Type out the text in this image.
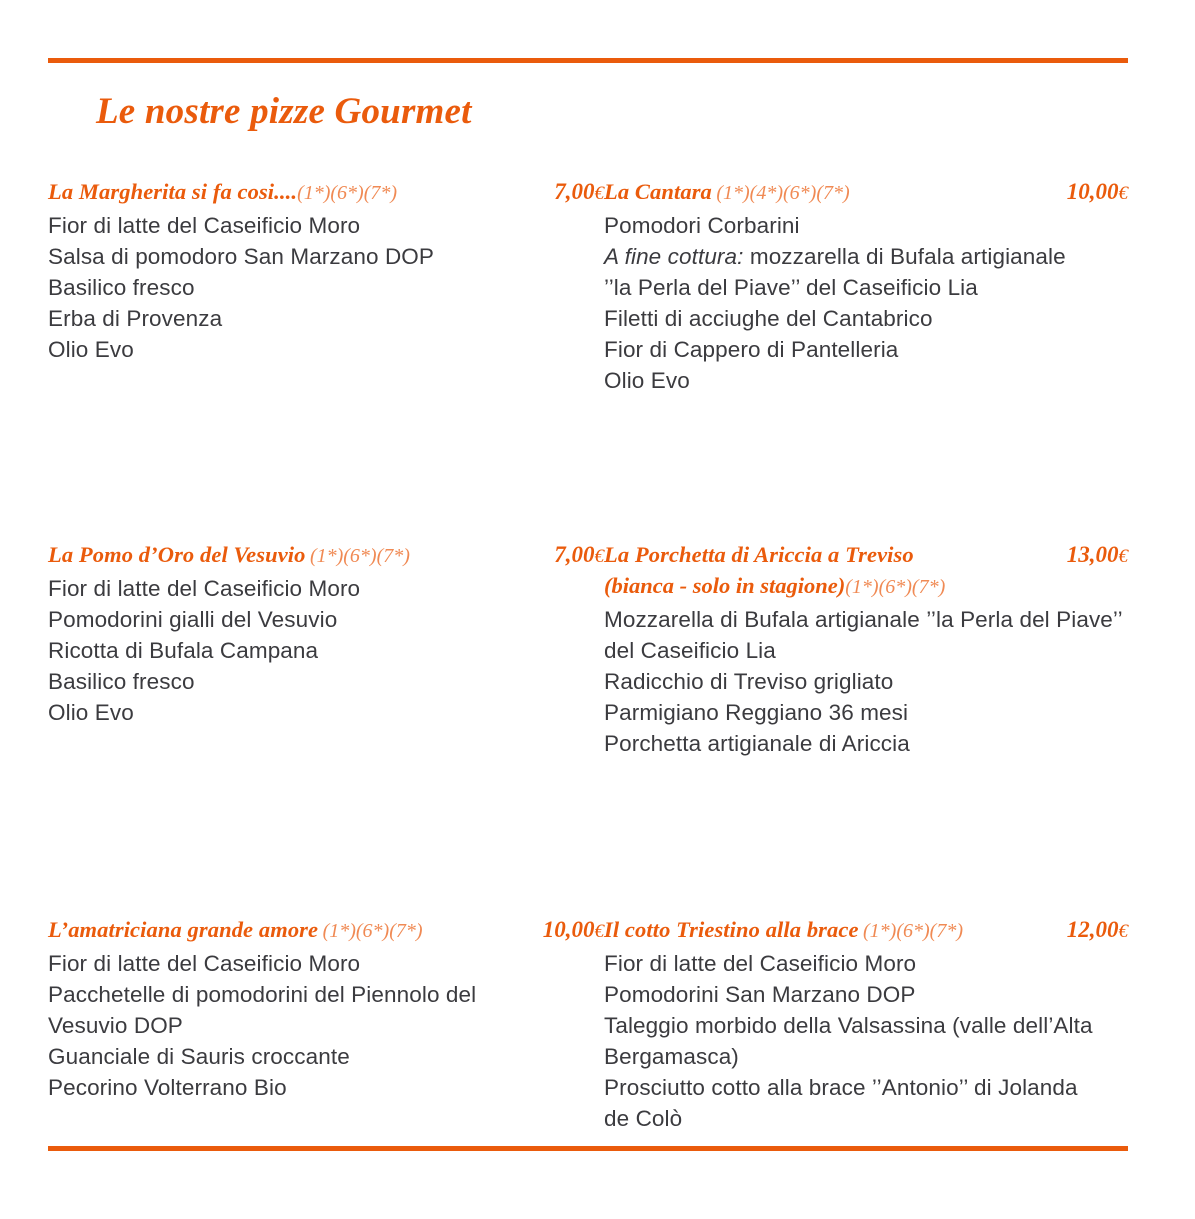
Le nostre pizze Gourmet
La Margherita si fa cosi....(1*)(6*)(7*)	7,00€
Fior di latte del Caseificio Moro
Salsa di pomodoro San Marzano DOP
Basilico fresco
Erba di Provenza
Olio Evo
La Cantara (1*)(4*)(6*)(7*)	10,00€
Pomodori Corbarini
A fine cottura: mozzarella di Bufala artigianale
’’la Perla del Piave’’ del Caseificio Lia
Filetti di acciughe del Cantabrico
Fior di Cappero di Pantelleria
Olio Evo
La Pomo d’Oro del Vesuvio (1*)(6*)(7*)	7,00€
Fior di latte del Caseificio Moro
Pomodorini gialli del Vesuvio
Ricotta di Bufala Campana
Basilico fresco
Olio Evo
La Porchetta di Ariccia a Treviso
(bianca - solo in stagione)(1*)(6*)(7*)
13,00€
Mozzarella di Bufala artigianale ’’la Perla del Piave’’
del Caseificio Lia
Radicchio di Treviso grigliato
Parmigiano Reggiano 36 mesi
Porchetta artigianale di Ariccia
L’amatriciana grande amore (1*)(6*)(7*)	10,00€
Fior di latte del Caseificio Moro
Pacchetelle di pomodorini del Piennolo del
Vesuvio DOP
Guanciale di Sauris croccante
Pecorino Volterrano Bio
Il cotto Triestino alla brace (1*)(6*)(7*)	12,00€
Fior di latte del Caseificio Moro
Pomodorini San Marzano DOP
Taleggio morbido della Valsassina (valle dell’Alta
Bergamasca)
Prosciutto cotto alla brace ’’Antonio’’ di Jolanda
de Colò
